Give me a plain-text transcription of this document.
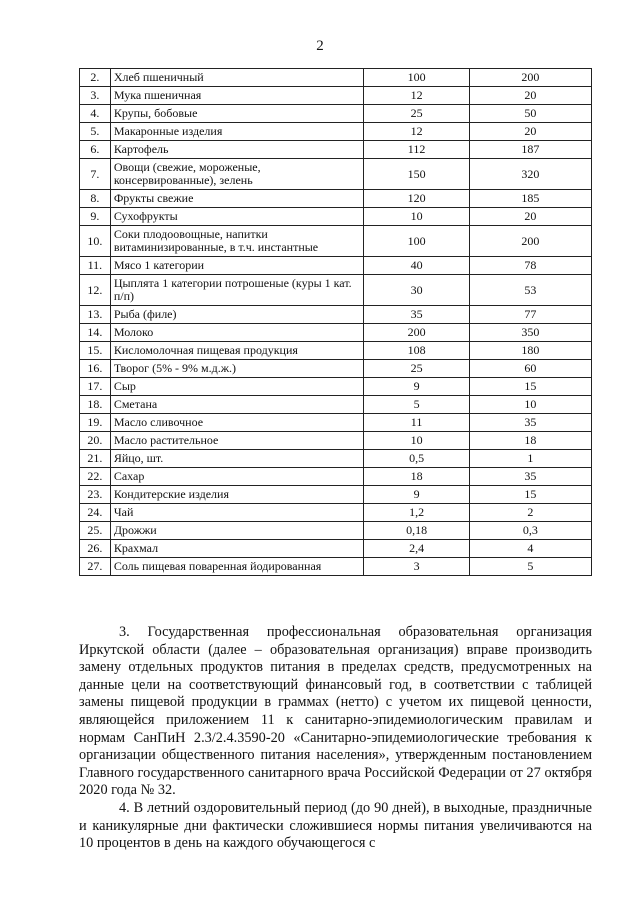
2
2.	Хлеб пшеничный	100	200
3.	Мука пшеничная	12	20
4.	Крупы, бобовые	25	50
5.	Макаронные изделия	12	20
6.	Картофель	112	187
7.	Овощи (свежие, мороженые, консервированные), зелень	150	320
8.	Фрукты свежие	120	185
9.	Сухофрукты	10	20
10.	Соки плодоовощные, напитки витаминизированные, в т.ч. инстантные	100	200
11.	Мясо 1 категории	40	78
12.	Цыплята 1 категории потрошеные (куры 1 кат. п/п)	30	53
13.	Рыба (филе)	35	77
14.	Молоко	200	350
15.	Кисломолочная пищевая продукция	108	180
16.	Творог (5% - 9% м.д.ж.)	25	60
17.	Сыр	9	15
18.	Сметана	5	10
19.	Масло сливочное	11	35
20.	Масло растительное	10	18
21.	Яйцо, шт.	0,5	1
22.	Сахар	18	35
23.	Кондитерские изделия	9	15
24.	Чай	1,2	2
25.	Дрожжи	0,18	0,3
26.	Крахмал	2,4	4
27.	Соль пищевая поваренная йодированная	3	5

3. Государственная профессиональная образовательная организация Иркутской области (далее – образовательная организация) вправе производить замену отдельных продуктов питания в пределах средств, предусмотренных на данные цели на соответствующий финансовый год, в соответствии с таблицей замены пищевой продукции в граммах (нетто) с учетом их пищевой ценности, являющейся приложением 11 к санитарно-эпидемиологическим правилам и нормам СанПиН 2.3/2.4.3590-20 «Санитарно-эпидемиологические требования к организации общественного питания населения», утвержденным постановлением Главного государственного санитарного врача Российской Федерации от 27 октября 2020 года № 32.

4. В летний оздоровительный период (до 90 дней), в выходные, праздничные и каникулярные дни фактически сложившиеся нормы питания увеличиваются на 10 процентов в день на каждого обучающегося с
